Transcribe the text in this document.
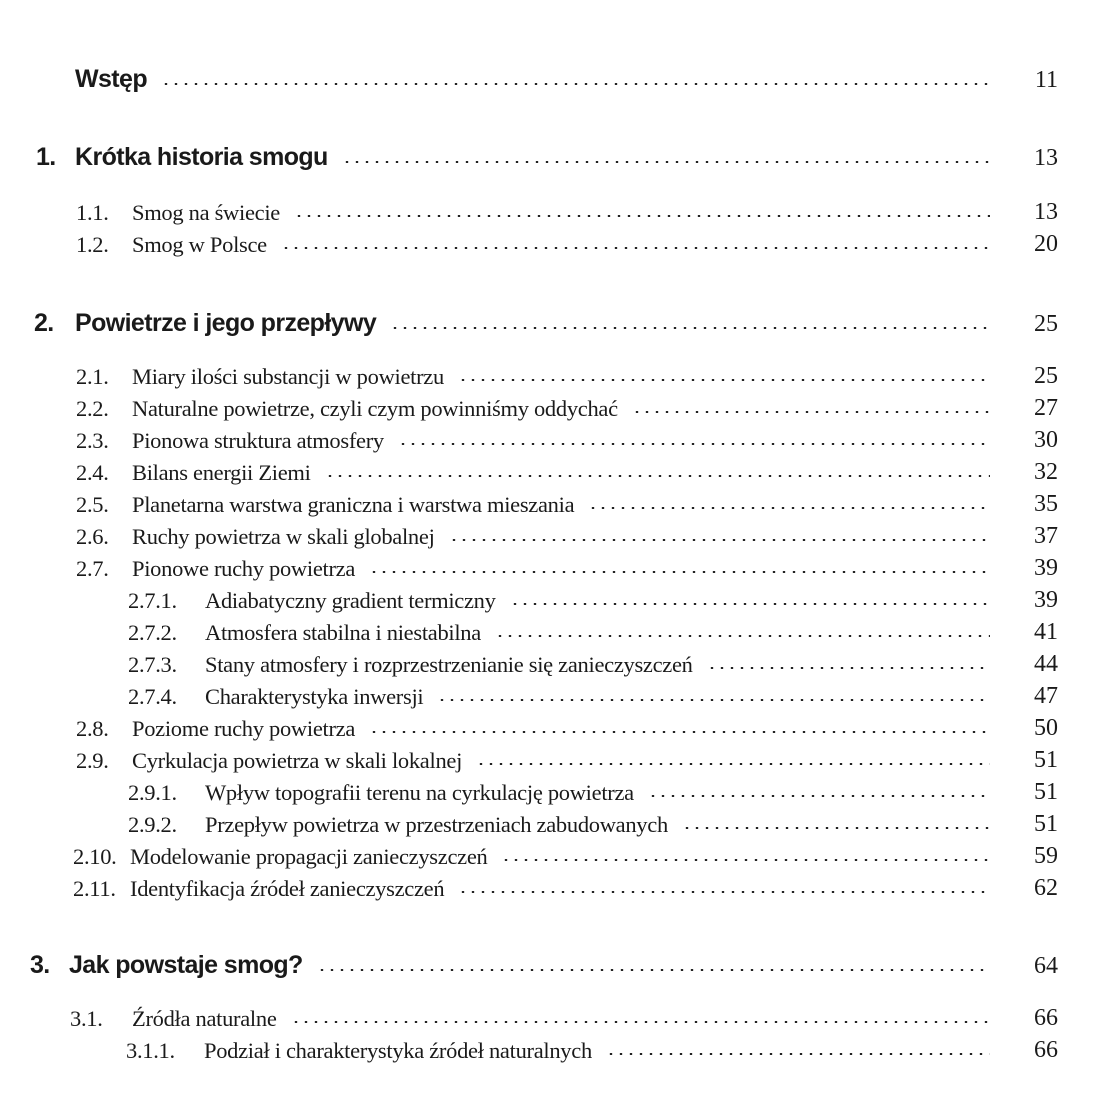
Wstęp	11
1. Krótka historia smogu	13
1.1. Smog na świecie	13
1.2. Smog w Polsce	20
2. Powietrze i jego przepływy	25
2.1. Miary ilości substancji w powietrzu	25
2.2. Naturalne powietrze, czyli czym powinniśmy oddychać	27
2.3. Pionowa struktura atmosfery	30
2.4. Bilans energii Ziemi	32
2.5. Planetarna warstwa graniczna i warstwa mieszania	35
2.6. Ruchy powietrza w skali globalnej	37
2.7. Pionowe ruchy powietrza	39
2.7.1. Adiabatyczny gradient termiczny	39
2.7.2. Atmosfera stabilna i niestabilna	41
2.7.3. Stany atmosfery i rozprzestrzenianie się zanieczyszczeń	44
2.7.4. Charakterystyka inwersji	47
2.8. Poziome ruchy powietrza	50
2.9. Cyrkulacja powietrza w skali lokalnej	51
2.9.1. Wpływ topografii terenu na cyrkulację powietrza	51
2.9.2. Przepływ powietrza w przestrzeniach zabudowanych	51
2.10. Modelowanie propagacji zanieczyszczeń	59
2.11. Identyfikacja źródeł zanieczyszczeń	62
3. Jak powstaje smog?	64
3.1. Źródła naturalne	66
3.1.1. Podział i charakterystyka źródeł naturalnych	66
